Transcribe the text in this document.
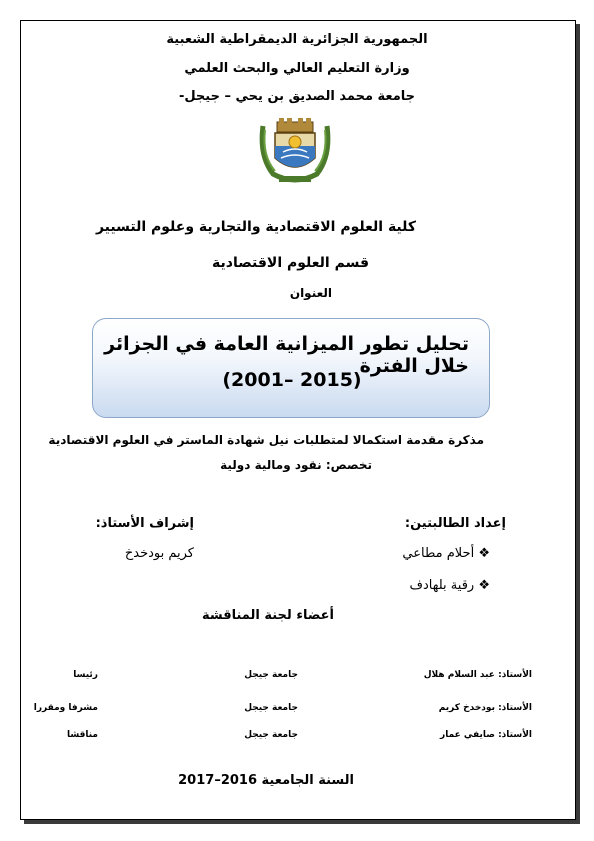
الجمهورية الجزائرية الديمقراطية الشعبية
وزارة التعليم العالي والبحث العلمي
جامعة محمد الصديق بن يحي – جيجل-
كلية العلوم الاقتصادية والتجارية وعلوم التسيير
قسم العلوم الاقتصادية
العنوان
تحليل تطور الميزانية العامة في الجزائر خلال الفترة
(2001– 2015)
مذكرة مقدمة استكمالا لمتطلبات نيل شهادة الماستر في العلوم الاقتصادية
تخصص: نقود ومالية دولية
إعداد الطالبتين:
❖ أحلام مطاعي
❖ رقية بلهادف
إشراف الأستاذ:
كريم بودخدخ
أعضاء لجنة المناقشة
الأستاذ: عبد السلام هلال
جامعة جيجل
رئيسا
الأستاذ: بودخدخ كريم
جامعة جيجل
مشرفا ومقررا
الأستاذ: صايفي عمار
جامعة جيجل
مناقشا
السنة الجامعية 2016–2017
